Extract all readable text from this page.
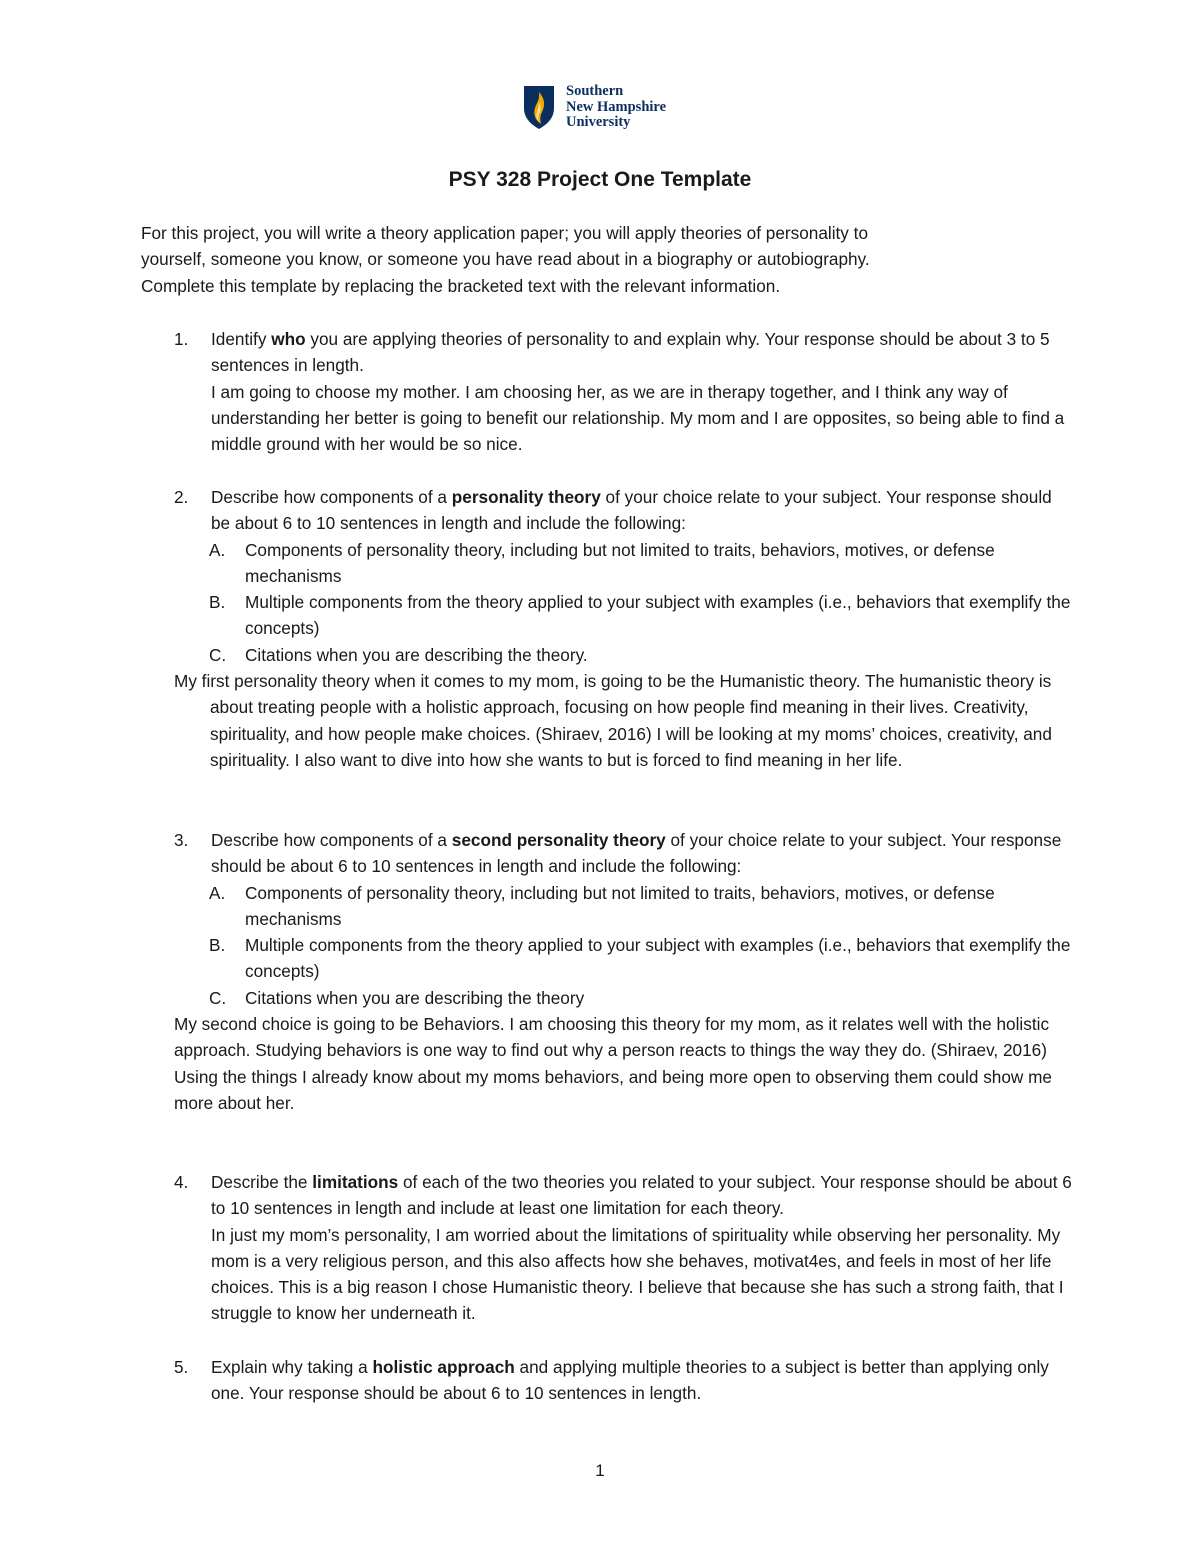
Southern
New Hampshire
University
PSY 328 Project One Template

For this project, you will write a theory application paper; you will apply theories of personality to

yourself, someone you know, or someone you have read about in a biography or autobiography.

Complete this template by replacing the bracketed text with the relevant information.

1. Identify who you are applying theories of personality to and explain why. Your response should be about 3 to 5 sentences in length.

I am going to choose my mother. I am choosing her, as we are in therapy together, and I think any way of understanding her better is going to benefit our relationship. My mom and I are opposites, so being able to find a middle ground with her would be so nice.

2. Describe how components of a personality theory of your choice relate to your subject. Your response should be about 6 to 10 sentences in length and include the following:

A. Components of personality theory, including but not limited to traits, behaviors, motives, or defense mechanisms
B. Multiple components from the theory applied to your subject with examples (i.e., behaviors that exemplify the concepts)
C. Citations when you are describing the theory.

My first personality theory when it comes to my mom, is going to be the Humanistic theory. The humanistic theory is about treating people with a holistic approach, focusing on how people find meaning in their lives. Creativity, spirituality, and how people make choices. (Shiraev, 2016) I will be looking at my moms’ choices, creativity, and spirituality. I also want to dive into how she wants to but is forced to find meaning in her life.

3. Describe how components of a second personality theory of your choice relate to your subject. Your response should be about 6 to 10 sentences in length and include the following:

A. Components of personality theory, including but not limited to traits, behaviors, motives, or defense mechanisms
B. Multiple components from the theory applied to your subject with examples (i.e., behaviors that exemplify the concepts)
C. Citations when you are describing the theory

My second choice is going to be Behaviors. I am choosing this theory for my mom, as it relates well with the holistic approach. Studying behaviors is one way to find out why a person reacts to things the way they do. (Shiraev, 2016) Using the things I already know about my moms behaviors, and being more open to observing them could show me more about her.

4. Describe the limitations of each of the two theories you related to your subject. Your response should be about 6 to 10 sentences in length and include at least one limitation for each theory.

In just my mom’s personality, I am worried about the limitations of spirituality while observing her personality. My mom is a very religious person, and this also affects how she behaves, motivat4es, and feels in most of her life choices. This is a big reason I chose Humanistic theory. I believe that because she has such a strong faith, that I struggle to know her underneath it.

5. Explain why taking a holistic approach and applying multiple theories to a subject is better than applying only one. Your response should be about 6 to 10 sentences in length.

1
